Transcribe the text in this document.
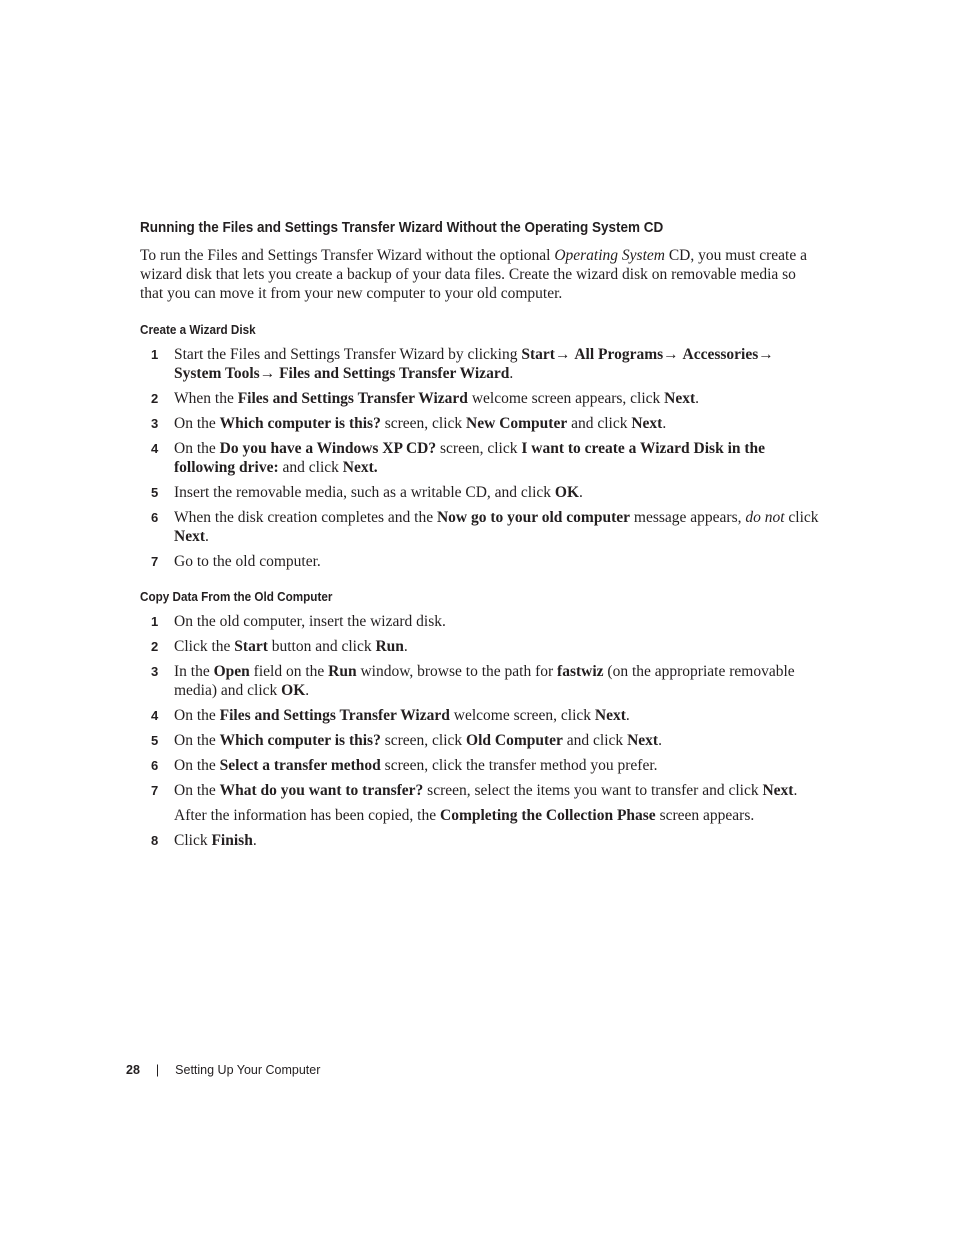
Running the Files and Settings Transfer Wizard Without the Operating System CD

To run the Files and Settings Transfer Wizard without the optional Operating System CD, you must create a wizard disk that lets you create a backup of your data files. Create the wizard disk on removable media so that you can move it from your new computer to your old computer.

Create a Wizard Disk
1 Start the Files and Settings Transfer Wizard by clicking Start→ All Programs→ Accessories→ System Tools→ Files and Settings Transfer Wizard.
2 When the Files and Settings Transfer Wizard welcome screen appears, click Next.
3 On the Which computer is this? screen, click New Computer and click Next.
4 On the Do you have a Windows XP CD? screen, click I want to create a Wizard Disk in the following drive: and click Next.
5 Insert the removable media, such as a writable CD, and click OK.
6 When the disk creation completes and the Now go to your old computer message appears, do not click Next.
7 Go to the old computer.
Copy Data From the Old Computer
1 On the old computer, insert the wizard disk.
2 Click the Start button and click Run.
3 In the Open field on the Run window, browse to the path for fastwiz (on the appropriate removable media) and click OK.
4 On the Files and Settings Transfer Wizard welcome screen, click Next.
5 On the Which computer is this? screen, click Old Computer and click Next.
6 On the Select a transfer method screen, click the transfer method you prefer.
7 On the What do you want to transfer? screen, select the items you want to transfer and click Next.
After the information has been copied, the Completing the Collection Phase screen appears.
8 Click Finish.
28 | Setting Up Your Computer
